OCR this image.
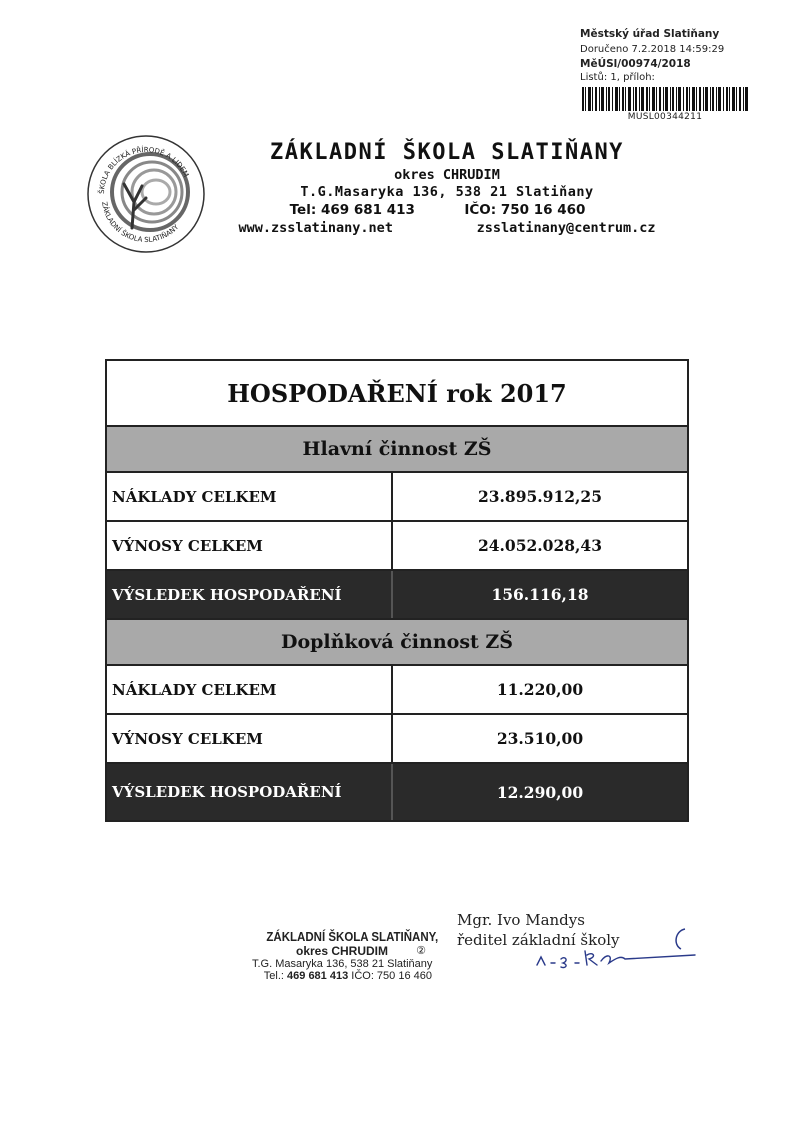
Městský úřad Slatiňany
Doručeno 7.2.2018 14:59:29
MěÚSl/00974/2018
Listů: 1, příloh:
MUSL00344211
ŠKOLA BLÍZKÁ PŘÍRODĚ A LIDEM
ZÁKLADNÍ ŠKOLA SLATIŇANY
ZÁKLADNÍ ŠKOLA SLATIŇANY
okres CHRUDIM
T.G.Masaryka 136, 538 21 Slatiňany
Tel: 469 681 413	IČO: 750 16 460
www.zsslatinany.net	zsslatinany@centrum.cz
HOSPODAŘENÍ rok 2017
Hlavní činnost ZŠ
NÁKLADY CELKEM	23.895.912,25
VÝNOSY CELKEM	24.052.028,43
VÝSLEDEK HOSPODAŘENÍ	156.116,18
Doplňková činnost ZŠ
NÁKLADY CELKEM	11.220,00
VÝNOSY CELKEM	23.510,00
VÝSLEDEK HOSPODAŘENÍ	12.290,00
ZÁKLADNÍ ŠKOLA SLATIŇANY,
okres CHRUDIM	②
T.G. Masaryka 136, 538 21 Slatiňany
Tel.: 469 681 413 IČO: 750 16 460
Mgr. Ivo Mandys
ředitel základní školy
